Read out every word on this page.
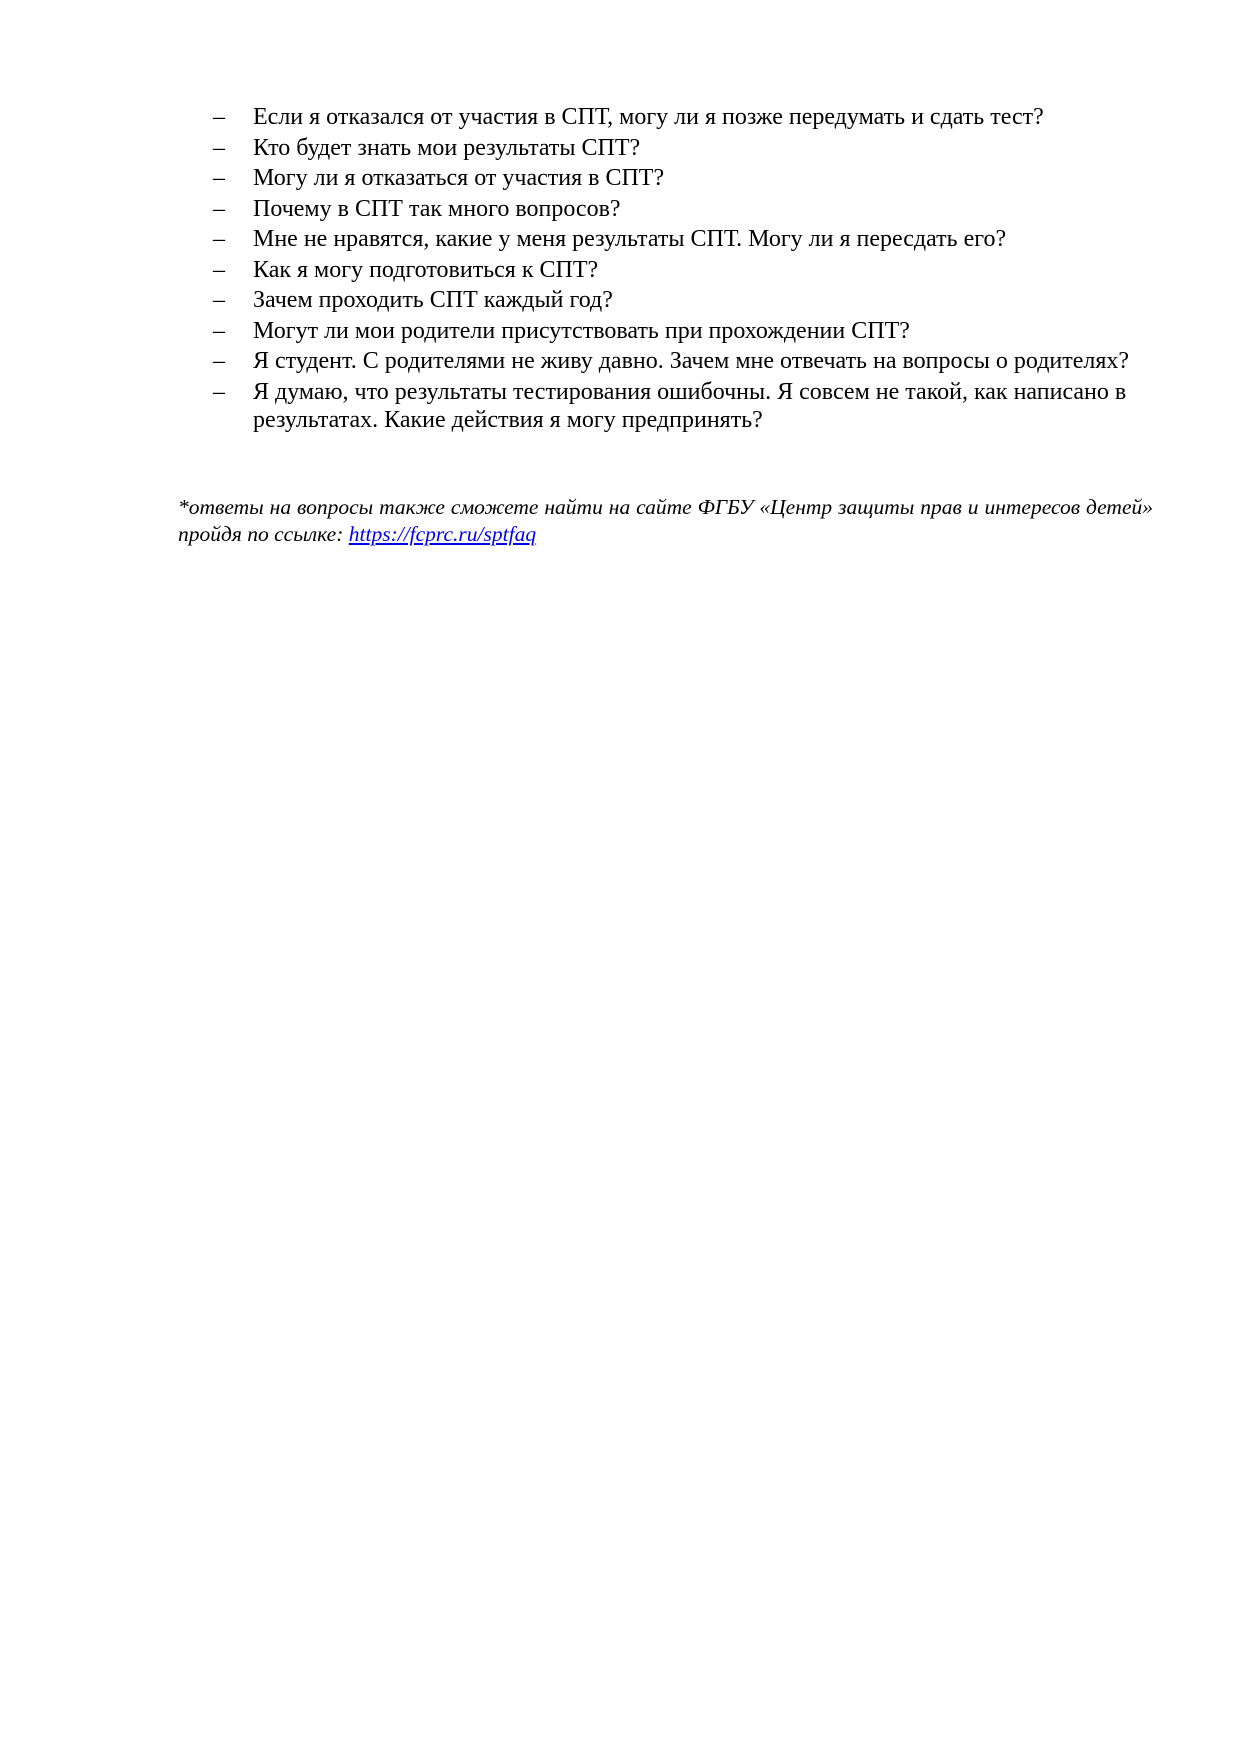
– Если я отказался от участия в СПТ, могу ли я позже передумать и сдать тест?
– Кто будет знать мои результаты СПТ?
– Могу ли я отказаться от участия в СПТ?
– Почему в СПТ так много вопросов?
– Мне не нравятся, какие у меня результаты СПТ. Могу ли я пересдать его?
– Как я могу подготовиться к СПТ?
– Зачем проходить СПТ каждый год?
– Могут ли мои родители присутствовать при прохождении СПТ?
– Я студент. С родителями не живу давно. Зачем мне отвечать на вопросы о родителях?
– Я думаю, что результаты тестирования ошибочны. Я совсем не такой, как написано в результатах. Какие действия я могу предпринять?

*ответы на вопросы также сможете найти на сайте ФГБУ «Центр защиты прав и интересов детей» пройдя по ссылке: https://fcprc.ru/sptfaq
